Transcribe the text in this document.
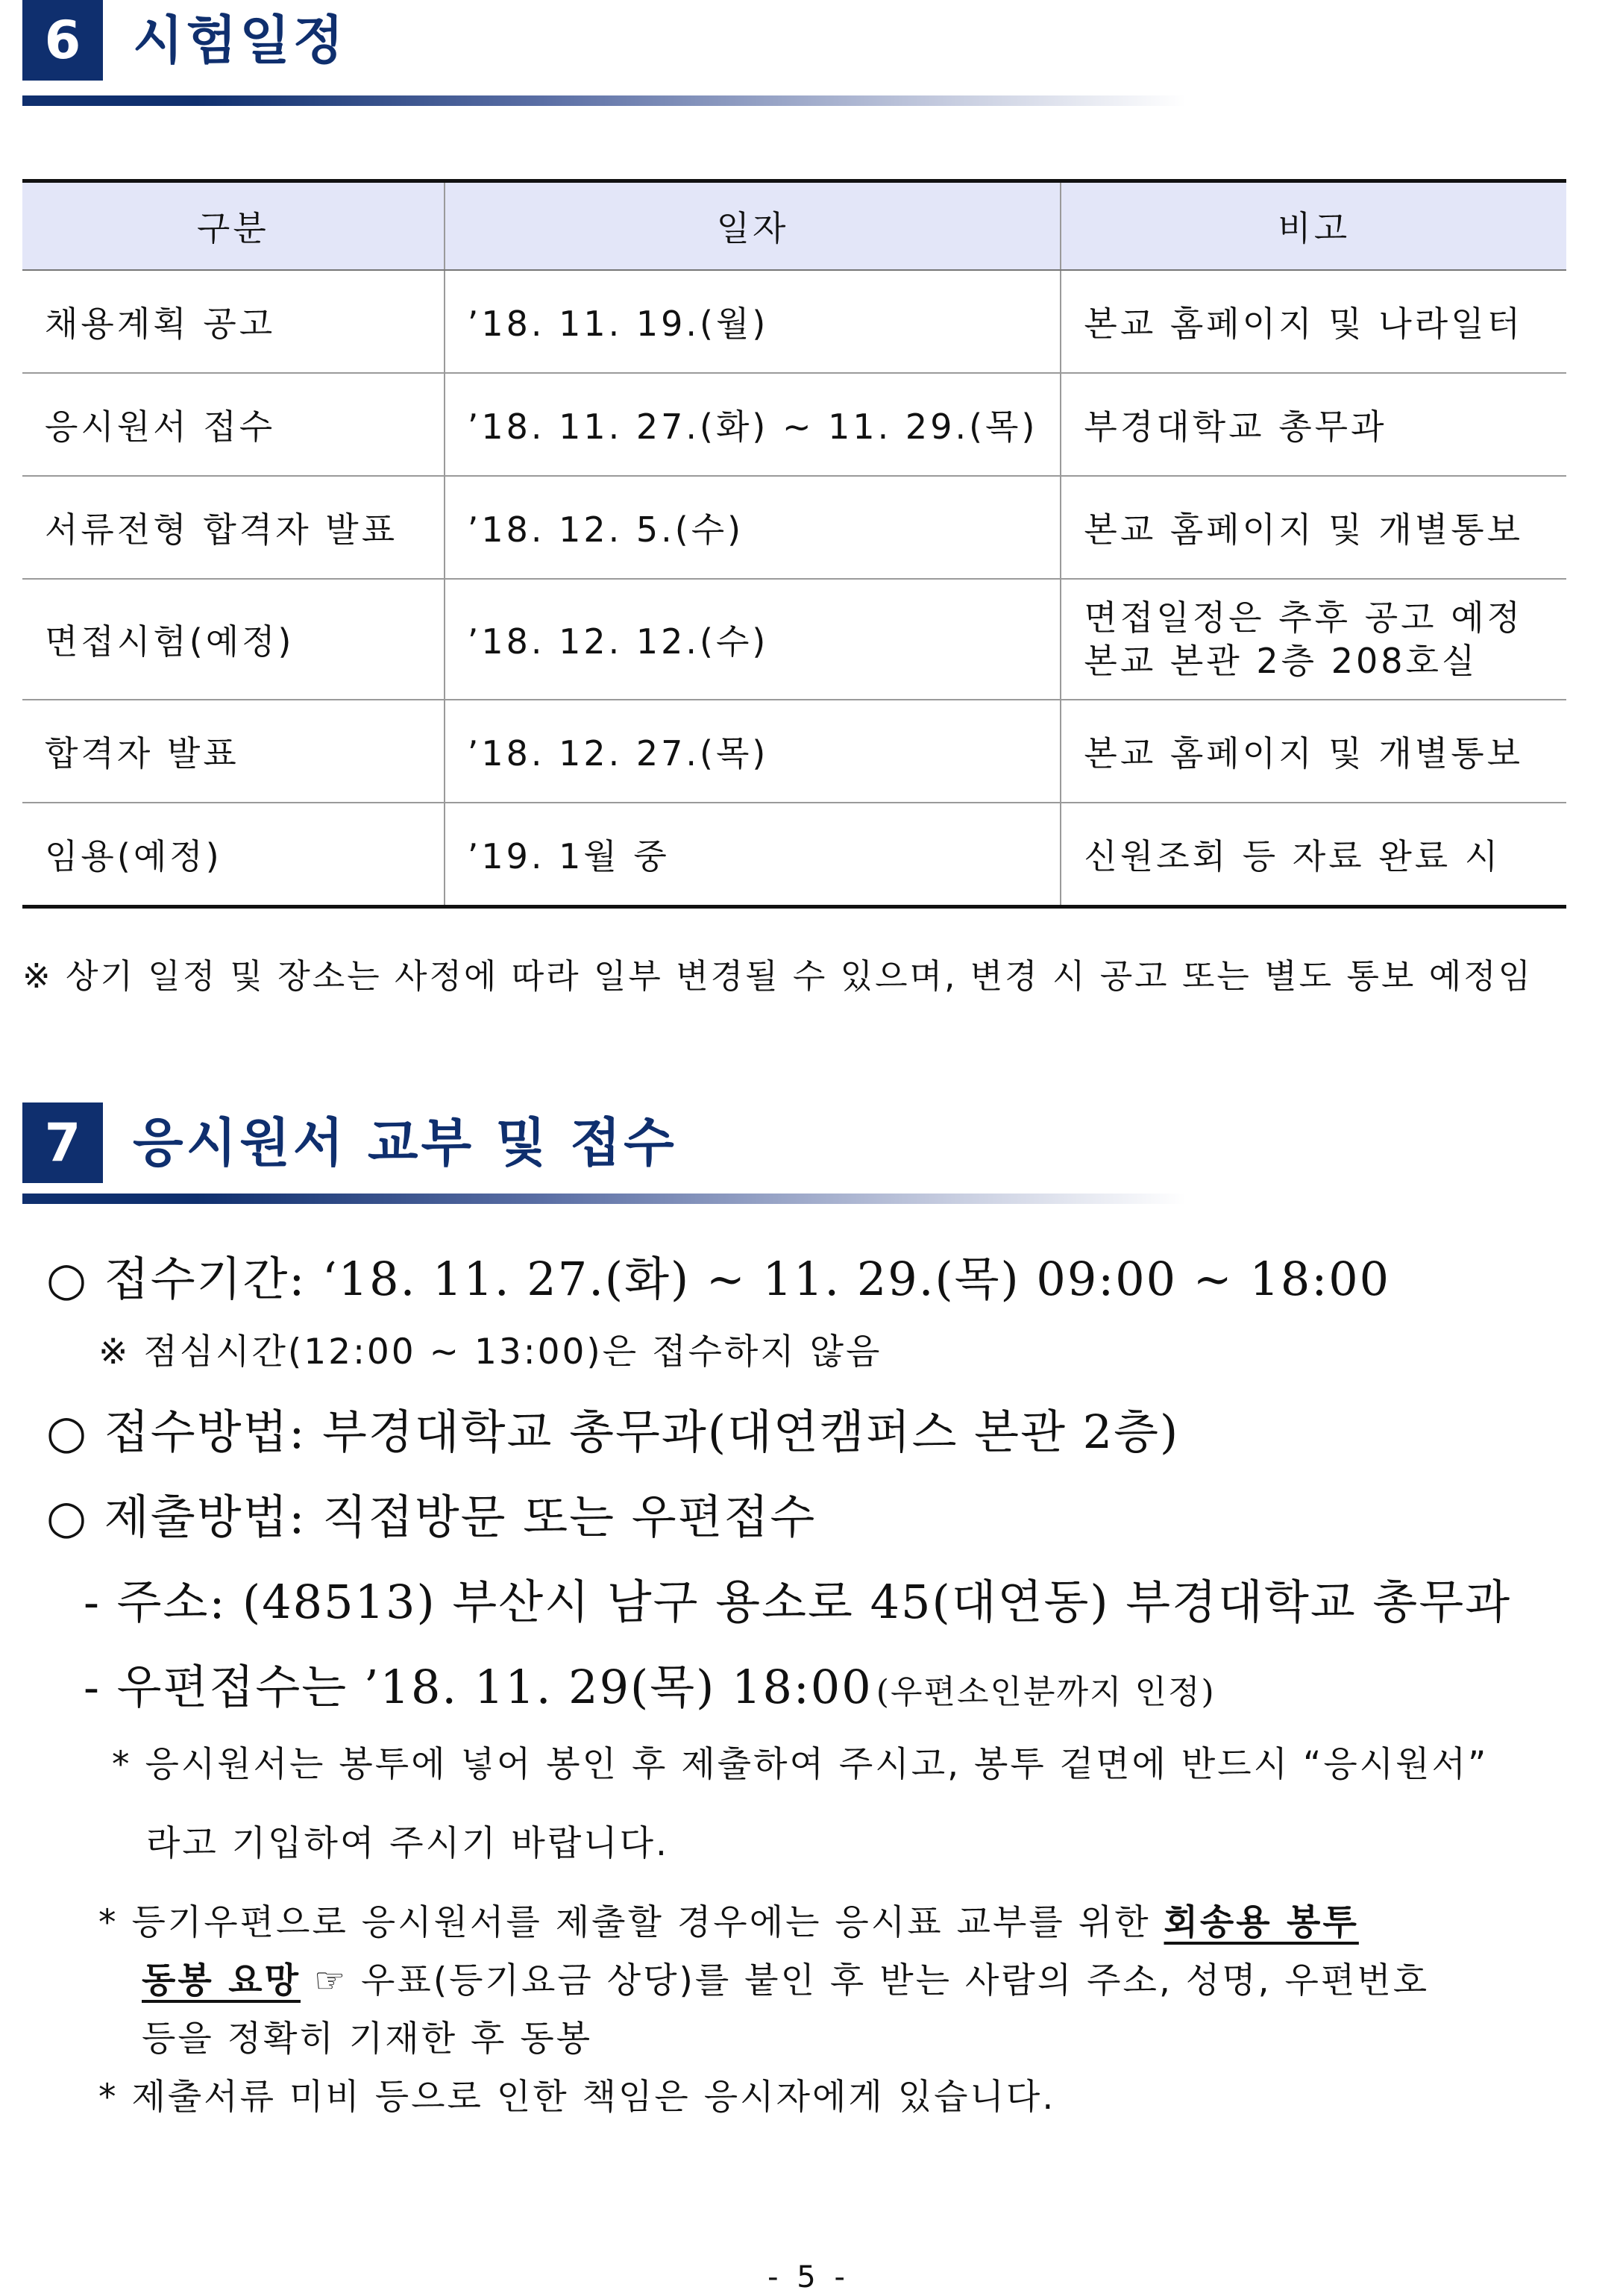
6 시험일정
구분	일자	비고
채용계획 공고	’18. 11. 19.(월)	본교 홈페이지 및 나라일터
응시원서 접수	’18. 11. 27.(화) ~ 11. 29.(목)	부경대학교 총무과
서류전형 합격자 발표	’18. 12. 5.(수)	본교 홈페이지 및 개별통보
면접시험(예정)	’18. 12. 12.(수)	면접일정은 추후 공고 예정
본교 본관 2층 208호실

합격자 발표	’18. 12. 27.(목)	본교 홈페이지 및 개별통보
임용(예정)	’19. 1월 중	신원조회 등 자료 완료 시
※ 상기 일정 및 장소는 사정에 따라 일부 변경될 수 있으며, 변경 시 공고 또는 별도 통보 예정임
7 응시원서 교부 및 접수
○ 접수기간: ‘18. 11. 27.(화) ~ 11. 29.(목) 09:00 ~ 18:00
※ 점심시간(12:00 ~ 13:00)은 접수하지 않음
○ 접수방법: 부경대학교 총무과(대연캠퍼스 본관 2층)
○ 제출방법: 직접방문 또는 우편접수
- 주소: (48513) 부산시 남구 용소로 45(대연동) 부경대학교 총무과
- 우편접수는 ’18. 11. 29(목) 18:00 (우편소인분까지 인정)
* 응시원서는 봉투에 넣어 봉인 후 제출하여 주시고, 봉투 겉면에 반드시 “응시원서”
라고 기입하여 주시기 바랍니다.
* 등기우편으로 응시원서를 제출할 경우에는 응시표 교부를 위한 회송용 봉투
동봉 요망 ☞ 우표(등기요금 상당)를 붙인 후 받는 사람의 주소, 성명, 우편번호
등을 정확히 기재한 후 동봉
* 제출서류 미비 등으로 인한 책임은 응시자에게 있습니다.
- 5 -
